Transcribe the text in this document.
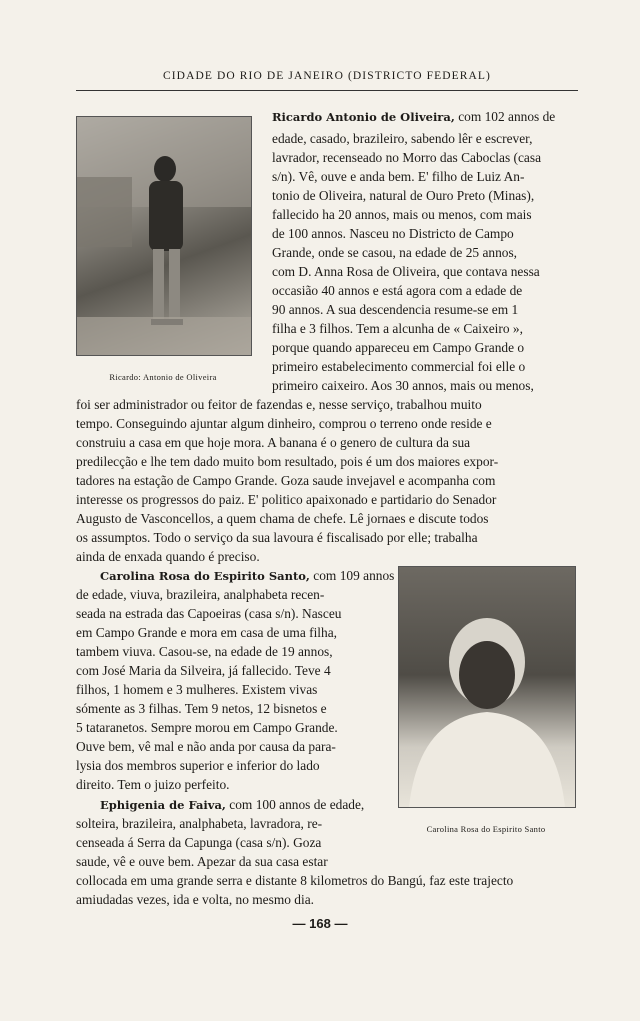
CIDADE DO RIO DE JANEIRO (DISTRICTO FEDERAL)
Ricardo: Antonio de Oliveira
Carolina Rosa do Espirito Santo
Ricardo Antonio de Oliveira, com 102 annos de
edade, casado, brazileiro, sabendo lêr e escrever,
lavrador, recenseado no Morro das Caboclas (casa
s/n). Vê, ouve e anda bem. E' filho de Luiz An-
tonio de Oliveira, natural de Ouro Preto (Minas),
fallecido ha 20 annos, mais ou menos, com mais
de 100 annos. Nasceu no Districto de Campo
Grande, onde se casou, na edade de 25 annos,
com D. Anna Rosa de Oliveira, que contava nessa
occasião 40 annos e está agora com a edade de
90 annos. A sua descendencia resume-se em 1
filha e 3 filhos. Tem a alcunha de « Caixeiro »,
porque quando appareceu em Campo Grande o
primeiro estabelecimento commercial foi elle o
primeiro caixeiro. Aos 30 annos, mais ou menos,
foi ser administrador ou feitor de fazendas e, nesse serviço, trabalhou muito
tempo. Conseguindo ajuntar algum dinheiro, comprou o terreno onde reside e
construiu a casa em que hoje mora. A banana é o genero de cultura da sua
predilecção e lhe tem dado muito bom resultado, pois é um dos maiores expor-
tadores na estação de Campo Grande. Goza saude invejavel e acompanha com
interesse os progressos do paiz. E' politico apaixonado e partidario do Senador
Augusto de Vasconcellos, a quem chama de chefe. Lê jornaes e discute todos
os assumptos. Todo o serviço da sua lavoura é fiscalisado por elle; trabalha
ainda de enxada quando é preciso.
Carolina Rosa do Espirito Santo, com 109 annos
de edade, viuva, brazileira, analphabeta recen-
seada na estrada das Capoeiras (casa s/n). Nasceu
em Campo Grande e mora em casa de uma filha,
tambem viuva. Casou-se, na edade de 19 annos,
com José Maria da Silveira, já fallecido. Teve 4
filhos, 1 homem e 3 mulheres. Existem vivas
sómente as 3 filhas. Tem 9 netos, 12 bisnetos e
5 tataranetos. Sempre morou em Campo Grande.
Ouve bem, vê mal e não anda por causa da para-
lysia dos membros superior e inferior do lado
direito. Tem o juizo perfeito.
Ephigenia de Faiva, com 100 annos de edade,
solteira, brazileira, analphabeta, lavradora, re-
censeada á Serra da Capunga (casa s/n). Goza
saude, vê e ouve bem. Apezar da sua casa estar
collocada em uma grande serra e distante 8 kilometros do Bangú, faz este trajecto
amiudadas vezes, ida e volta, no mesmo dia.
— 168 —
